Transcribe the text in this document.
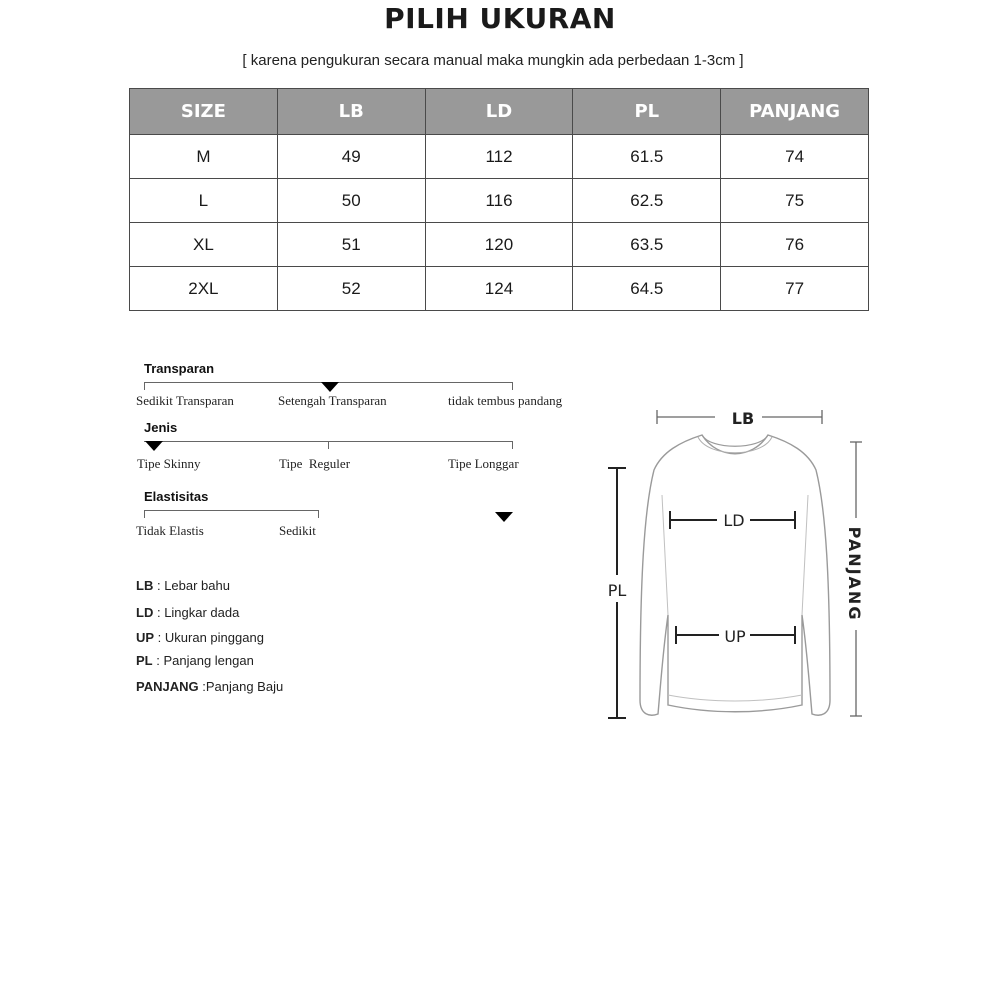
PILIH UKURAN
[ karena pengukuran secara manual maka mungkin ada perbedaan 1-3cm ]
SIZE	LB	LD	PL	PANJANG
M	49	112	61.5	74
L	50	116	62.5	75
XL	51	120	63.5	76
2XL	52	124	64.5	77
Transparan
Sedikit Transparan	Setengah Transparan	tidak tembus pandang
Jenis
Tipe Skinny	Tipe  Reguler	Tipe Longgar
Elastisitas
Tidak Elastis	Sedikit
LB : Lebar bahu
LD : Lingkar dada
UP : Ukuran pinggang
PL : Panjang lengan
PANJANG :Panjang Baju
LB
LD
UP
PL	PANJANG
